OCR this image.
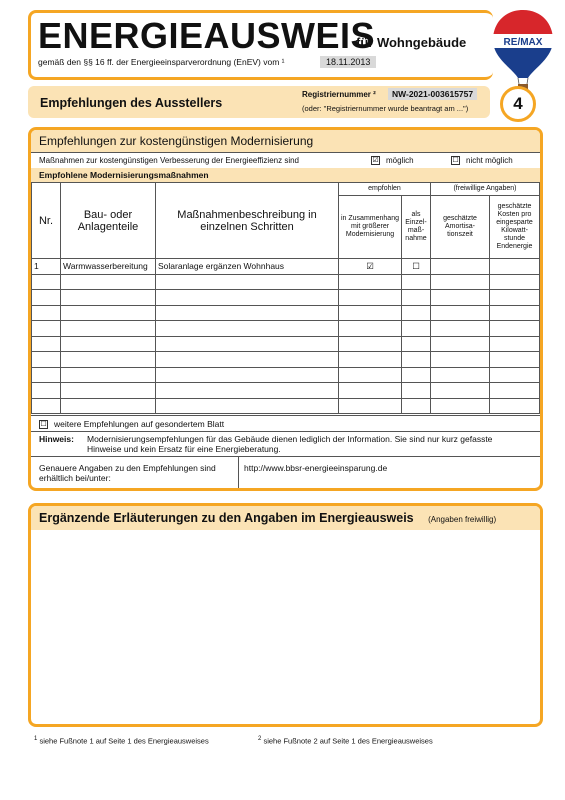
ENERGIEAUSWEIS
für Wohngebäude
gemäß den §§ 16 ff. der Energieeinsparverordnung (EnEV) vom ¹	18.11.2013
RE/MAX
Empfehlungen des Ausstellers
Registriernummer ²	NW-2021-003615757
(oder: "Registriernummer wurde beantragt am ...")	4
Empfehlungen zur kostengünstigen Modernisierung
Maßnahmen zur kostengünstigen Verbesserung der Energieeffizienz sind	☑ möglich	☐ nicht möglich
Empfohlene Modernisierungsmaßnahmen
Nr.	Bau- oder Anlagenteile	Maßnahmenbeschreibung in einzelnen Schritten	empfohlen		(freiwillige Angaben)	
			in Zusammenhang mit größerer Modernisierung	als Einzel-maß-nahme	geschätzte Amortisa-tionszeit	geschätzte Kosten pro eingesparte Kilowatt-stunde Endenergie
1	Warmwasserbereitung	Solaranlage ergänzen Wohnhaus	☑	☐		

☐ weitere Empfehlungen auf gesondertem Blatt
Hinweis: Modernisierungsempfehlungen für das Gebäude dienen lediglich der Information. Sie sind nur kurz gefasste Hinweise und kein Ersatz für eine Energieberatung.
Genauere Angaben zu den Empfehlungen sind erhältlich bei/unter:
http://www.bbsr-energieeinsparung.de
Ergänzende Erläuterungen zu den Angaben im Energieausweis (Angaben freiwillig)
$^1$ siehe Fußnote 1 auf Seite 1 des Energieausweises	$^2$ siehe Fußnote 2 auf Seite 1 des Energieausweises
